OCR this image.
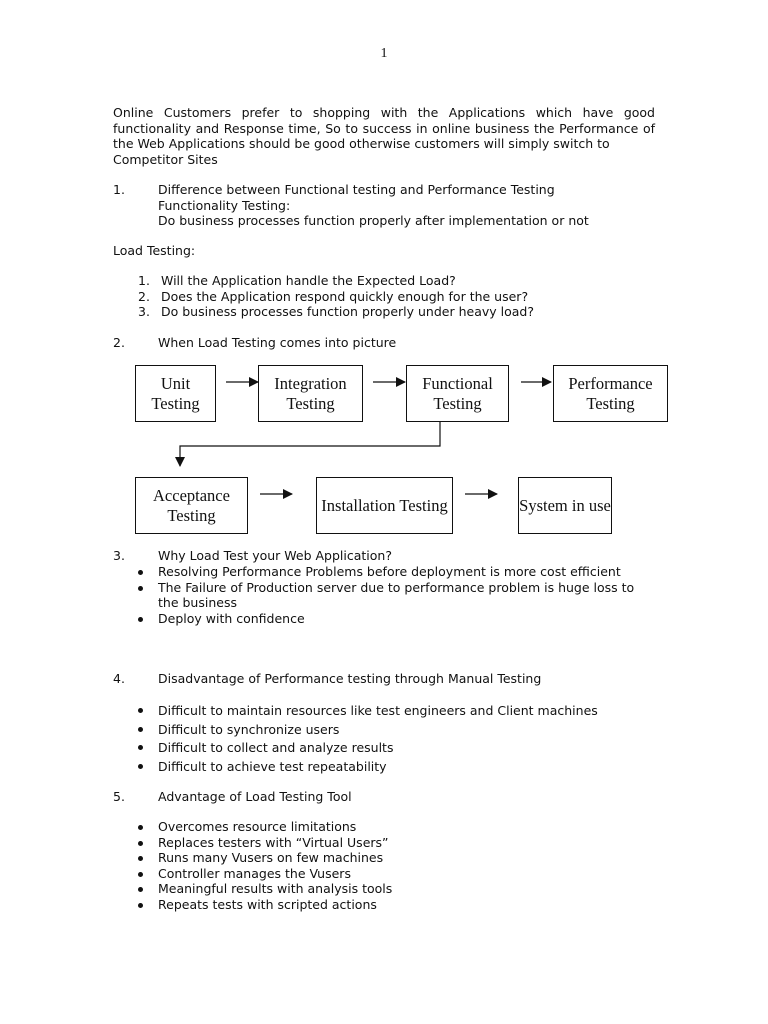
1

Online Customers prefer to shopping with the Applications which have good functionality and Response time, So to success in online business the Performance of the Web Applications should be good otherwise customers will simply switch to

Competitor Sites
1.	Difference between Functional testing and Performance Testing
Functionality Testing:
Do business processes function properly after implementation or not
Load Testing:
1. Will the Application handle the Expected Load?
2. Does the Application respond quickly enough for the user?
3. Do business processes function properly under heavy load?
2.	When Load Testing comes into picture
Unit Testing
Integration Testing
Functional Testing
Performance Testing
Acceptance Testing
Installation Testing	System in use
3.	Why Load Test your Web Application?
Resolving Performance Problems before deployment is more cost efficient
The Failure of Production server due to performance problem is huge loss to the business
Deploy with confidence
4.	Disadvantage of Performance testing through Manual Testing
Difficult to maintain resources like test engineers and Client machines
Difficult to synchronize users
Difficult to collect and analyze results
Difficult to achieve test repeatability
5.	Advantage of Load Testing Tool
Overcomes resource limitations
Replaces testers with “Virtual Users”
Runs many Vusers on few machines
Controller manages the Vusers
Meaningful results with analysis tools
Repeats tests with scripted actions
